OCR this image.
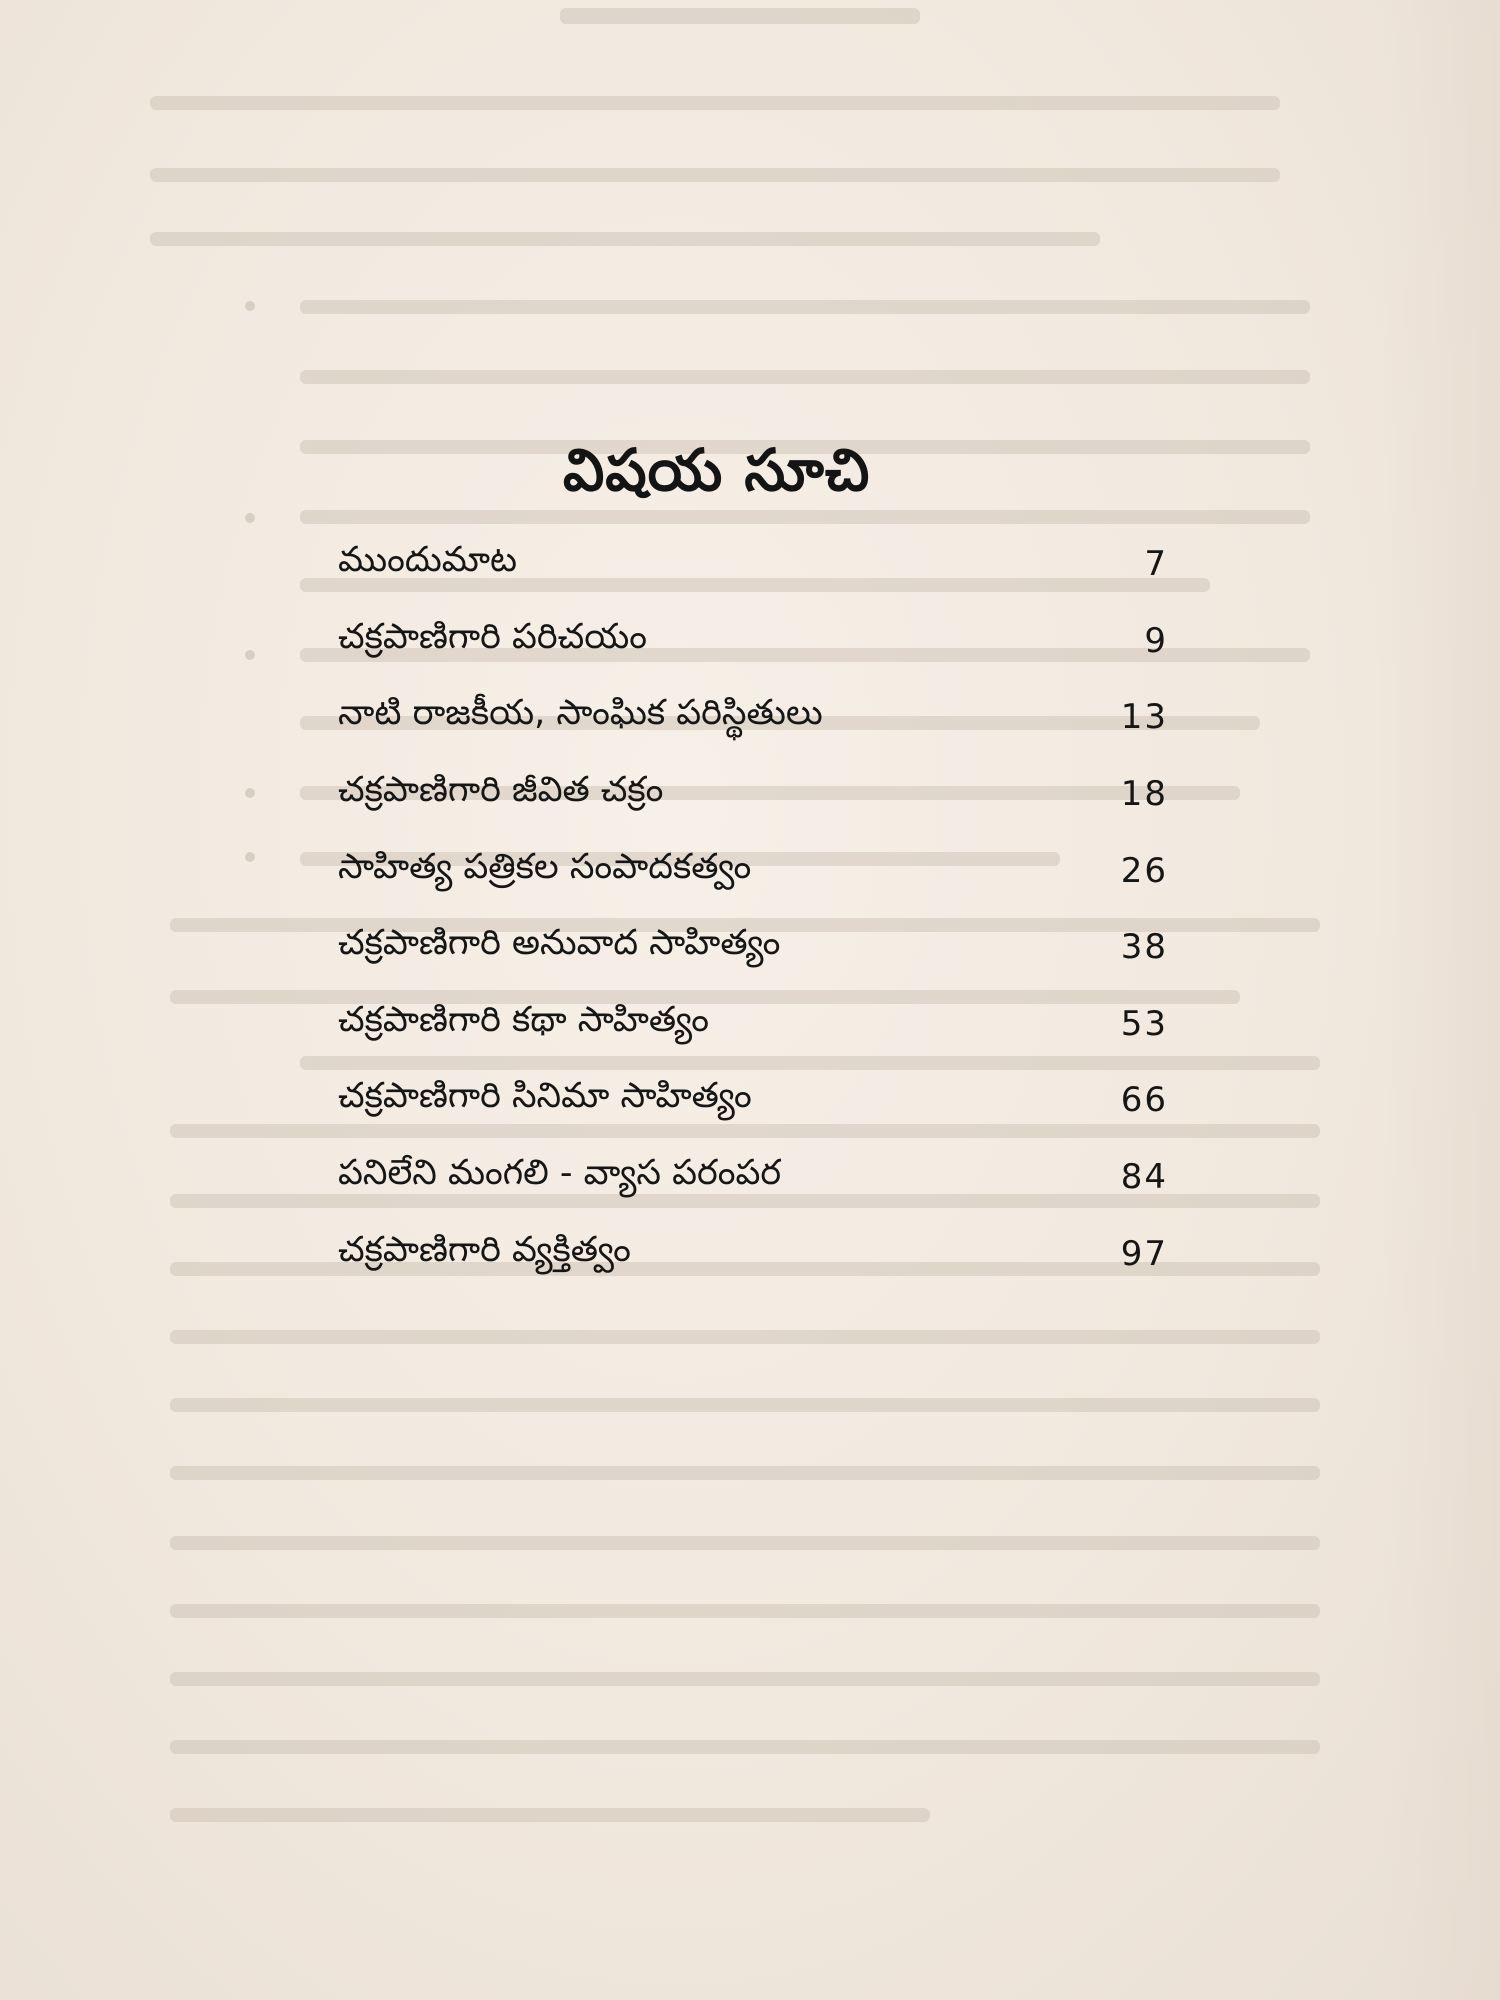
విషయ సూచి
ముందుమాట	7
చక్రపాణిగారి పరిచయం	9
నాటి రాజకీయ, సాంఘిక పరిస్థితులు	13
చక్రపాణిగారి జీవిత చక్రం	18
సాహిత్య పత్రికల సంపాదకత్వం	26
చక్రపాణిగారి అనువాద సాహిత్యం	38
చక్రపాణిగారి కథా సాహిత్యం	53
చక్రపాణిగారి సినిమా సాహిత్యం	66
పనిలేని మంగలి - వ్యాస పరంపర	84
చక్రపాణిగారి వ్యక్తిత్వం	97
